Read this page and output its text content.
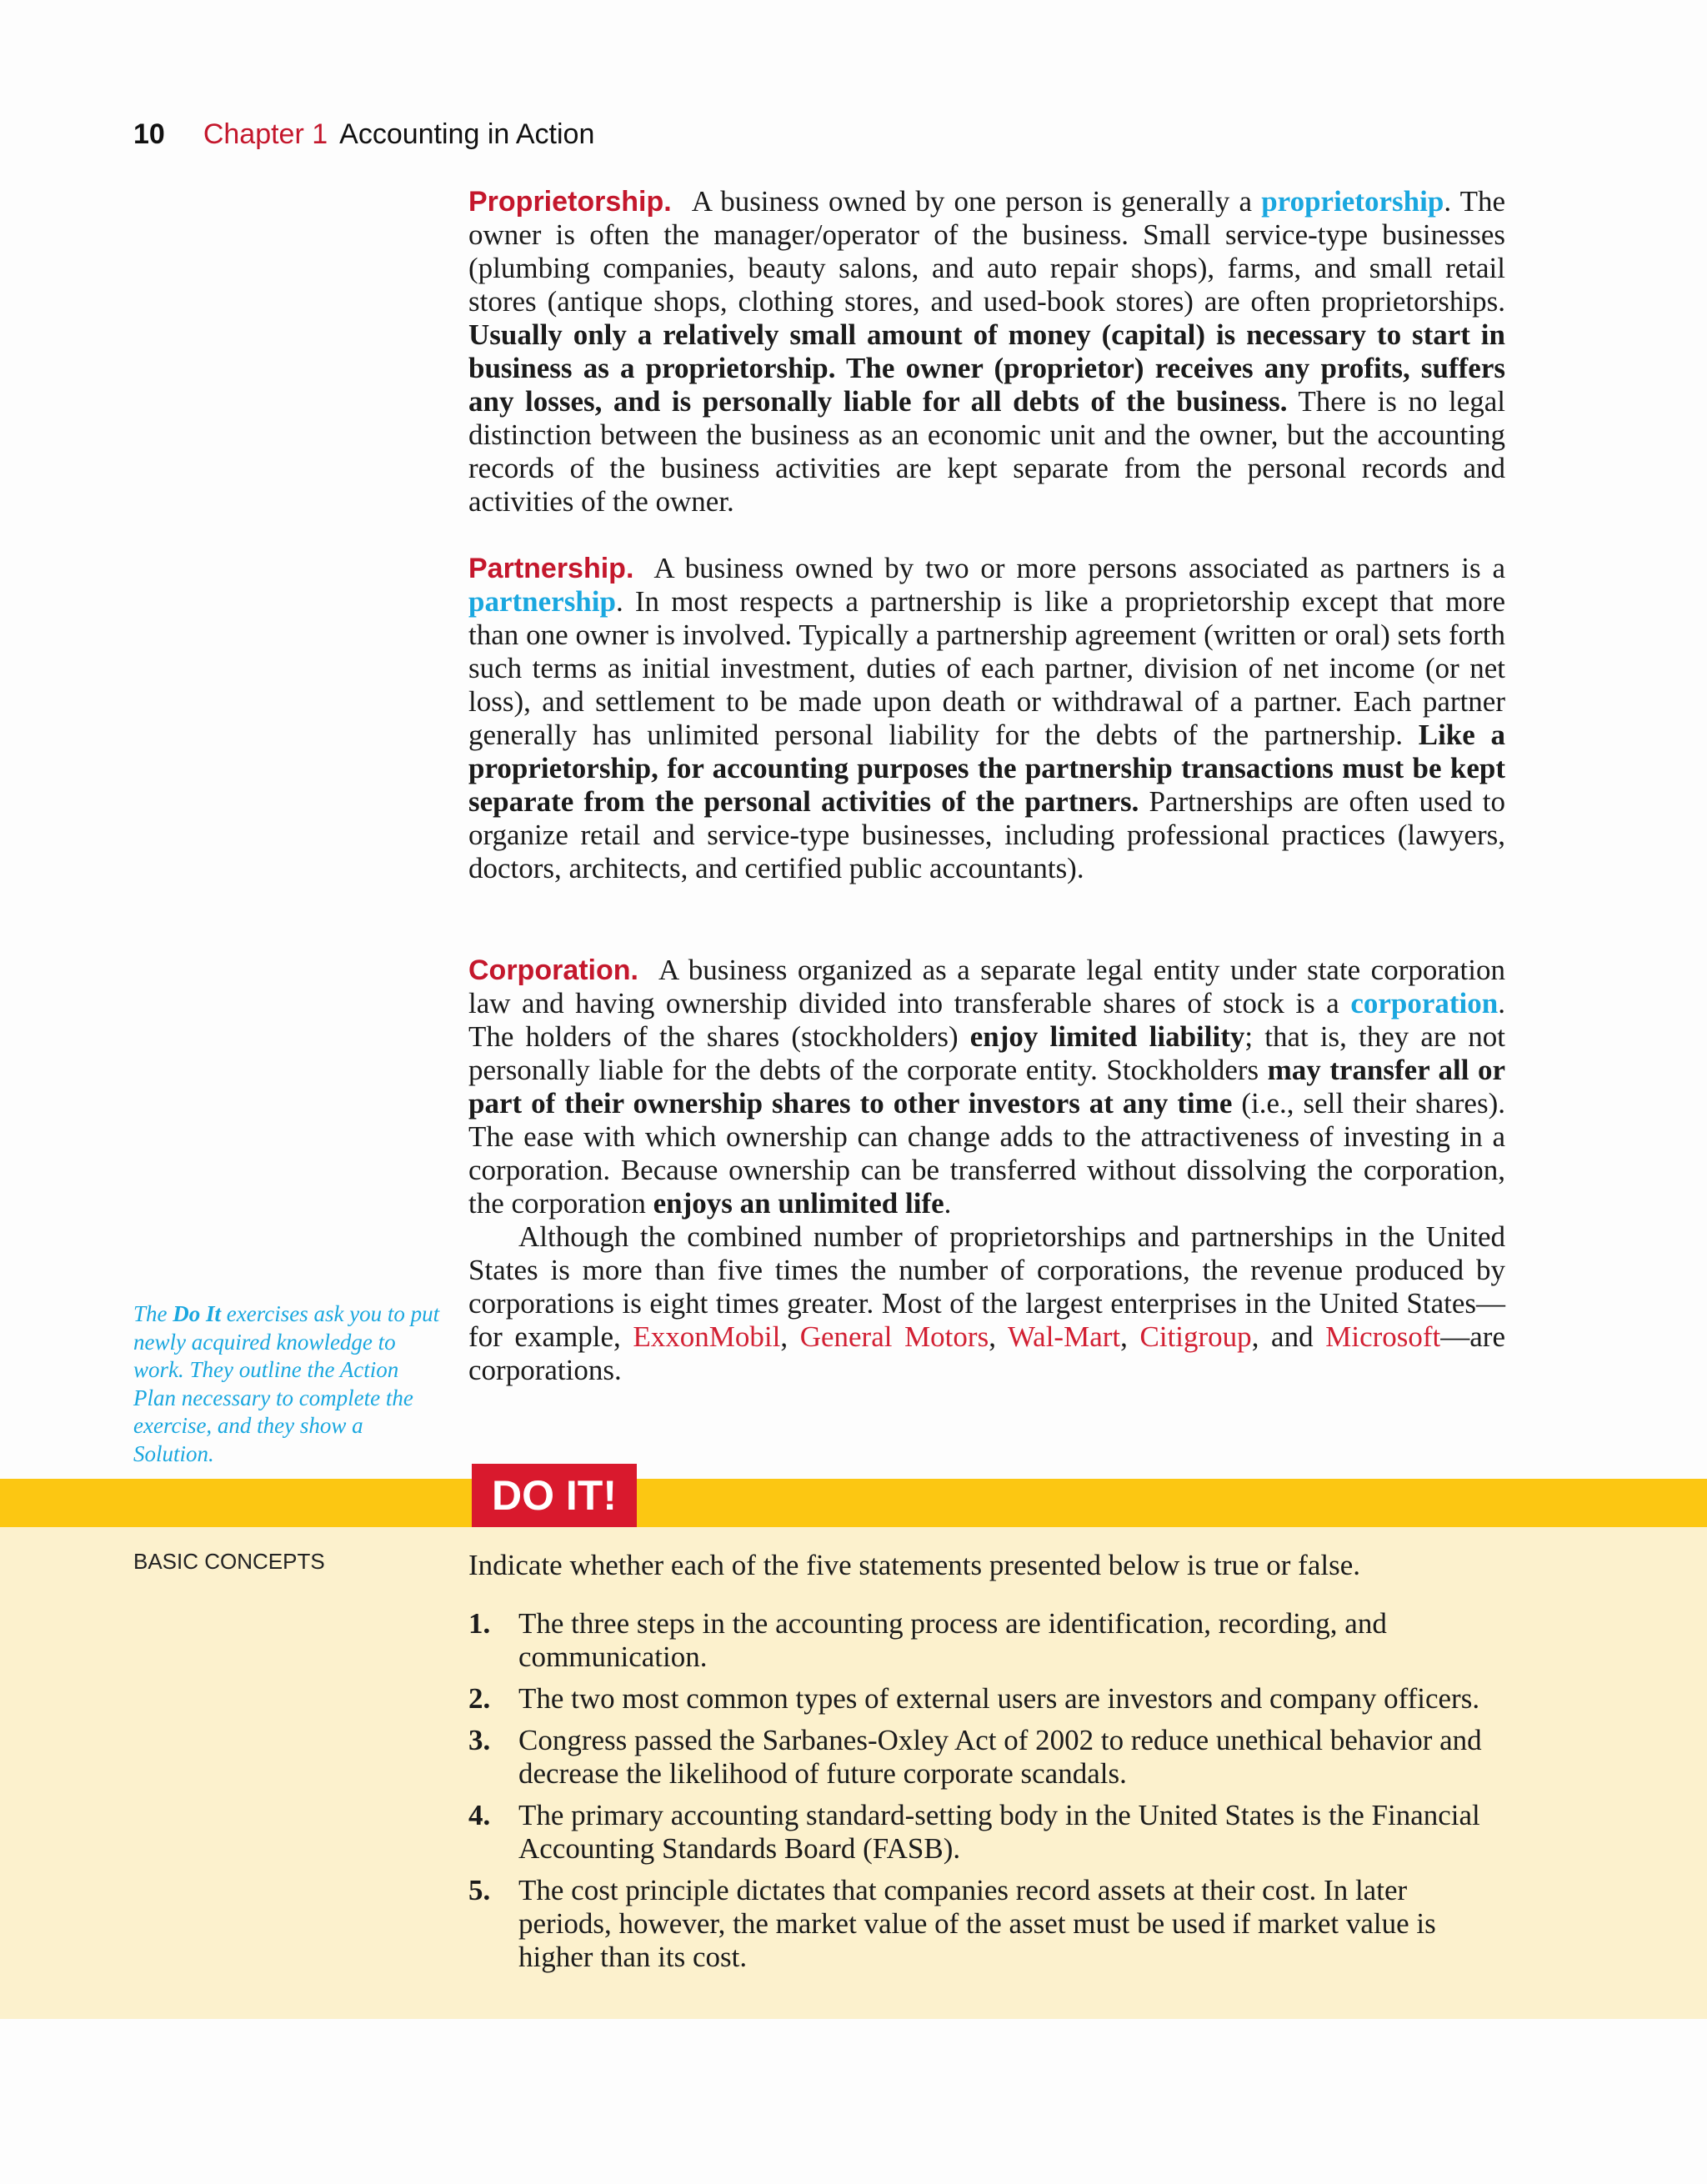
10 Chapter 1 Accounting in Action

Proprietorship. A business owned by one person is generally a proprietorship. The owner is often the manager/operator of the business. Small service-type businesses (plumbing companies, beauty salons, and auto repair shops), farms, and small retail stores (antique shops, clothing stores, and used-book stores) are often proprietorships. Usually only a relatively small amount of money (capital) is necessary to start in business as a proprietorship. The owner (proprietor) receives any profits, suffers any losses, and is personally liable for all debts of the business. There is no legal distinction between the business as an economic unit and the owner, but the accounting records of the business activities are kept separate from the personal records and activities of the owner.

Partnership. A business owned by two or more persons associated as partners is a partnership. In most respects a partnership is like a proprietorship except that more than one owner is involved. Typically a partnership agreement (written or oral) sets forth such terms as initial investment, duties of each partner, division of net income (or net loss), and settlement to be made upon death or withdrawal of a partner. Each partner generally has unlimited personal liability for the debts of the partnership. Like a proprietorship, for accounting purposes the partnership transactions must be kept separate from the personal activities of the partners. Partnerships are often used to organize retail and service-type businesses, including professional practices (lawyers, doctors, architects, and certified public accountants).

Corporation. A business organized as a separate legal entity under state corporation law and having ownership divided into transferable shares of stock is a corporation. The holders of the shares (stockholders) enjoy limited liability; that is, they are not personally liable for the debts of the corporate entity. Stockholders may transfer all or part of their ownership shares to other investors at any time (i.e., sell their shares). The ease with which ownership can change adds to the attractiveness of investing in a corporation. Because ownership can be transferred without dissolving the corporation, the corporation enjoys an unlimited life.

Although the combined number of proprietorships and partnerships in the United States is more than five times the number of corporations, the revenue produced by corporations is eight times greater. Most of the largest enterprises in the United States—for example, ExxonMobil, General Motors, Wal-Mart, Citigroup, and Microsoft—are corporations.

The Do It exercises ask you to put newly acquired knowledge to work. They outline the Action Plan necessary to complete the exercise, and they show a Solution.
DO IT!
BASIC CONCEPTS	Indicate whether each of the five statements presented below is true or false.
1. The three steps in the accounting process are identification, recording, and communication.
2. The two most common types of external users are investors and company officers.
3. Congress passed the Sarbanes-Oxley Act of 2002 to reduce unethical behavior and decrease the likelihood of future corporate scandals.
4. The primary accounting standard-setting body in the United States is the Financial Accounting Standards Board (FASB).
5. The cost principle dictates that companies record assets at their cost. In later periods, however, the market value of the asset must be used if market value is higher than its cost.
